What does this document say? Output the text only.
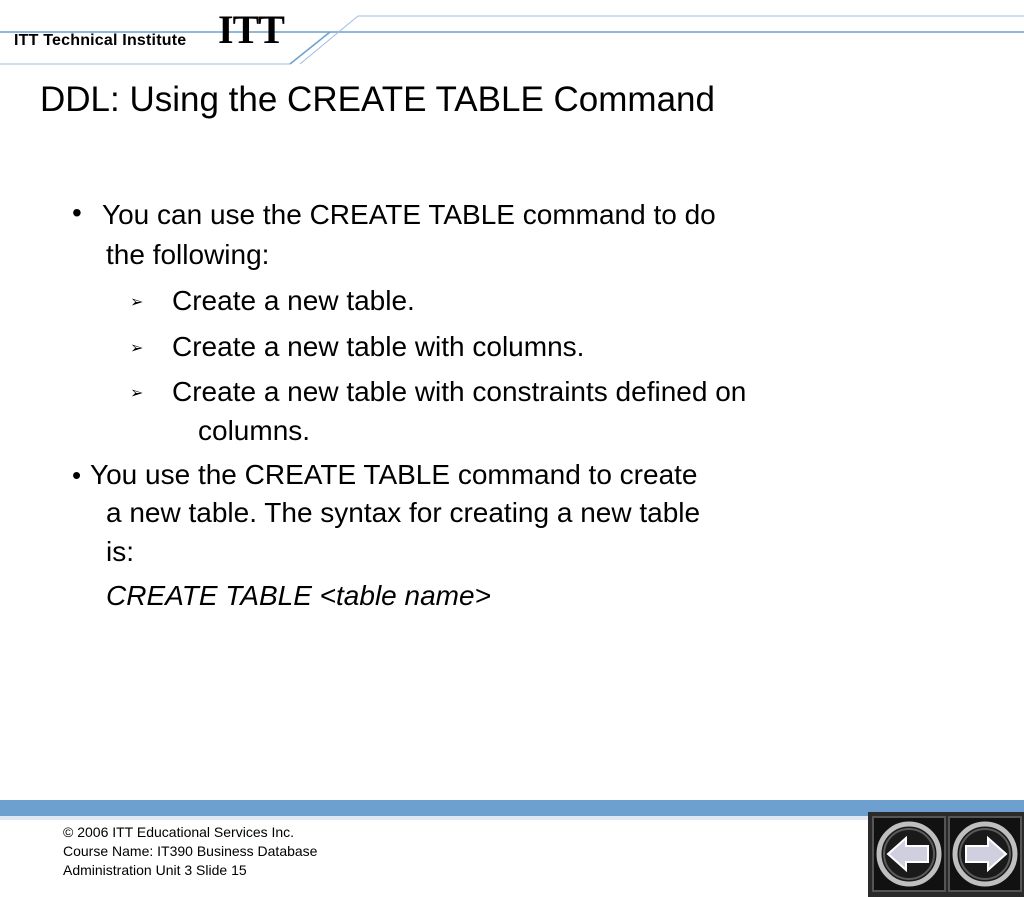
ITT Technical Institute ITT
DDL: Using the CREATE TABLE Command
• You can use the CREATE TABLE command to do
the following:
➢ Create a new table.
➢ Create a new table with columns.
➢ Create a new table with constraints defined on
columns.
• You use the CREATE TABLE command to create
a new table. The syntax for creating a new table
is:
CREATE TABLE <table name>
© 2006 ITT Educational Services Inc.
Course Name: IT390 Business Database
Administration Unit 3 Slide 15
